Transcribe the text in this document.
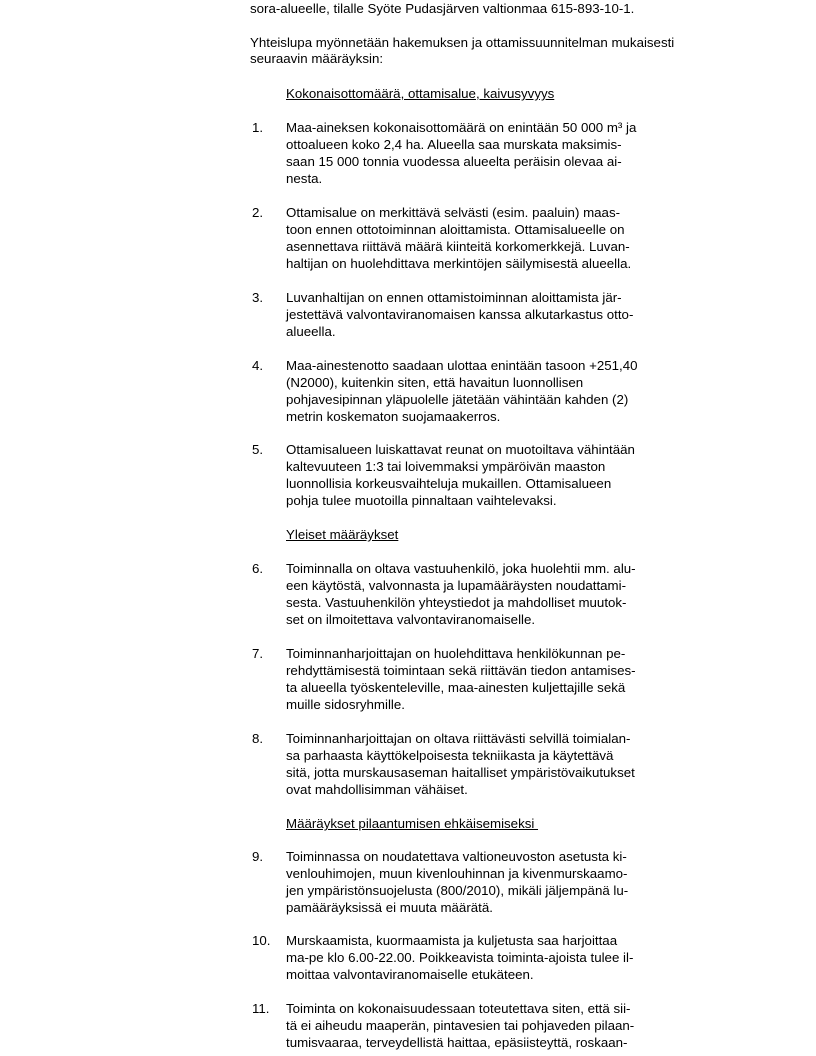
sora-alueelle, tilalle Syöte Pudasjärven valtionmaa 615-893-10-1.
Yhteislupa myönnetään hakemuksen ja ottamissuunnitelman mukaisesti
seuraavin määräyksin:
Kokonaisottomäärä, ottamisalue, kaivusyvyys
1. Maa-aineksen kokonaisottomäärä on enintään 50 000 m³ ja
ottoalueen koko 2,4 ha. Alueella saa murskata maksimis-
saan 15 000 tonnia vuodessa alueelta peräisin olevaa ai-
nesta.
2. Ottamisalue on merkittävä selvästi (esim. paaluin) maas-
toon ennen ottotoiminnan aloittamista. Ottamisalueelle on
asennettava riittävä määrä kiinteitä korkomerkkejä. Luvan-
haltijan on huolehdittava merkintöjen säilymisestä alueella.
3. Luvanhaltijan on ennen ottamistoiminnan aloittamista jär-
jestettävä valvontaviranomaisen kanssa alkutarkastus otto-
alueella.
4. Maa-ainestenotto saadaan ulottaa enintään tasoon +251,40
(N2000), kuitenkin siten, että havaitun luonnollisen
pohjavesipinnan yläpuolelle jätetään vähintään kahden (2)
metrin koskematon suojamaakerros.
5. Ottamisalueen luiskattavat reunat on muotoiltava vähintään
kaltevuuteen 1:3 tai loivemmaksi ympäröivän maaston
luonnollisia korkeusvaihteluja mukaillen. Ottamisalueen
pohja tulee muotoilla pinnaltaan vaihtelevaksi.
Yleiset määräykset
6. Toiminnalla on oltava vastuuhenkilö, joka huolehtii mm. alu-
een käytöstä, valvonnasta ja lupamääräysten noudattami-
sesta. Vastuuhenkilön yhteystiedot ja mahdolliset muutok-
set on ilmoitettava valvontaviranomaiselle.
7. Toiminnanharjoittajan on huolehdittava henkilökunnan pe-
rehdyttämisestä toimintaan sekä riittävän tiedon antamises-
ta alueella työskenteleville, maa-ainesten kuljettajille sekä
muille sidosryhmille.
8. Toiminnanharjoittajan on oltava riittävästi selvillä toimialan-
sa parhaasta käyttökelpoisesta tekniikasta ja käytettävä
sitä, jotta murskausaseman haitalliset ympäristövaikutukset
ovat mahdollisimman vähäiset.
Määräykset pilaantumisen ehkäisemiseksi
9. Toiminnassa on noudatettava valtioneuvoston asetusta ki-
venlouhimojen, muun kivenlouhinnan ja kivenmurskaamo-
jen ympäristönsuojelusta (800/2010), mikäli jäljempänä lu-
pamääräyksissä ei muuta määrätä.
10. Murskaamista, kuormaamista ja kuljetusta saa harjoittaa
ma-pe klo 6.00-22.00. Poikkeavista toiminta-ajoista tulee il-
moittaa valvontaviranomaiselle etukäteen.
11. Toiminta on kokonaisuudessaan toteutettava siten, että sii-
tä ei aiheudu maaperän, pintavesien tai pohjaveden pilaan-
tumisvaaraa, terveydellistä haittaa, epäsiisteyttä, roskaan-
